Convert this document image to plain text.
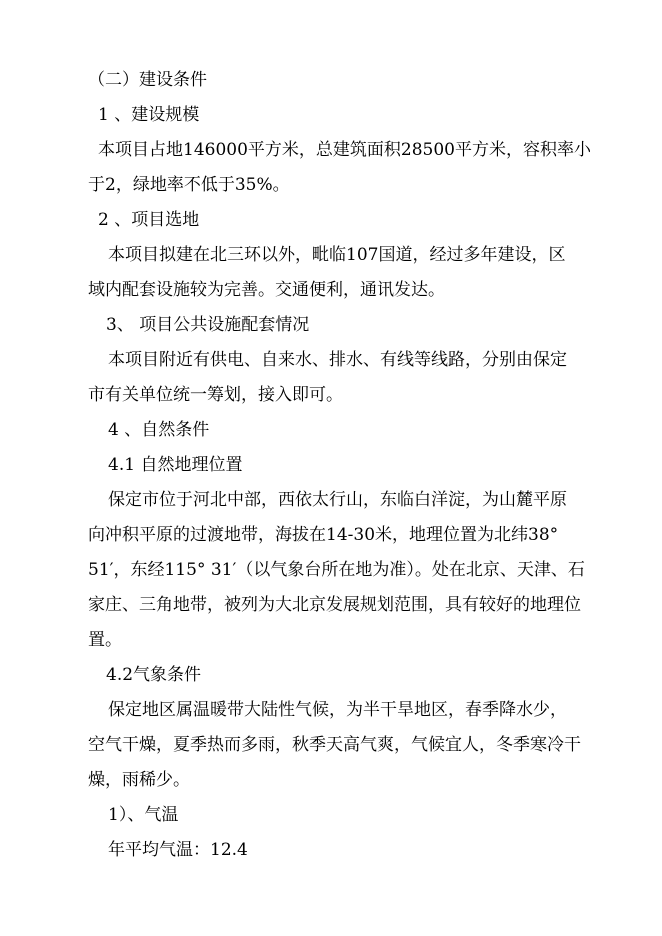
（二）建设条件
1 、建设规模
本项目占地146000平方米，总建筑面积28500平方米，容积率小
于2，绿地率不低于35%。
2 、项目选地
本项目拟建在北三环以外，毗临107国道，经过多年建设，区
域内配套设施较为完善。交通便利，通讯发达。
3、 项目公共设施配套情况
本项目附近有供电、自来水、排水、有线等线路，分别由保定
市有关单位统一筹划，接入即可。
4 、自然条件
4.1 自然地理位置
保定市位于河北中部，西依太行山，东临白洋淀，为山麓平原
向冲积平原的过渡地带，海拔在14-30米，地理位置为北纬38°
51′，东经115° 31′（以气象台所在地为准）。处在北京、天津、石
家庄、三角地带，被列为大北京发展规划范围，具有较好的地理位
置。
4.2气象条件
保定地区属温暖带大陆性气候，为半干旱地区，春季降水少，
空气干燥，夏季热而多雨，秋季天高气爽，气候宜人，冬季寒冷干
燥，雨稀少。
1）、气温
年平均气温：12.4
